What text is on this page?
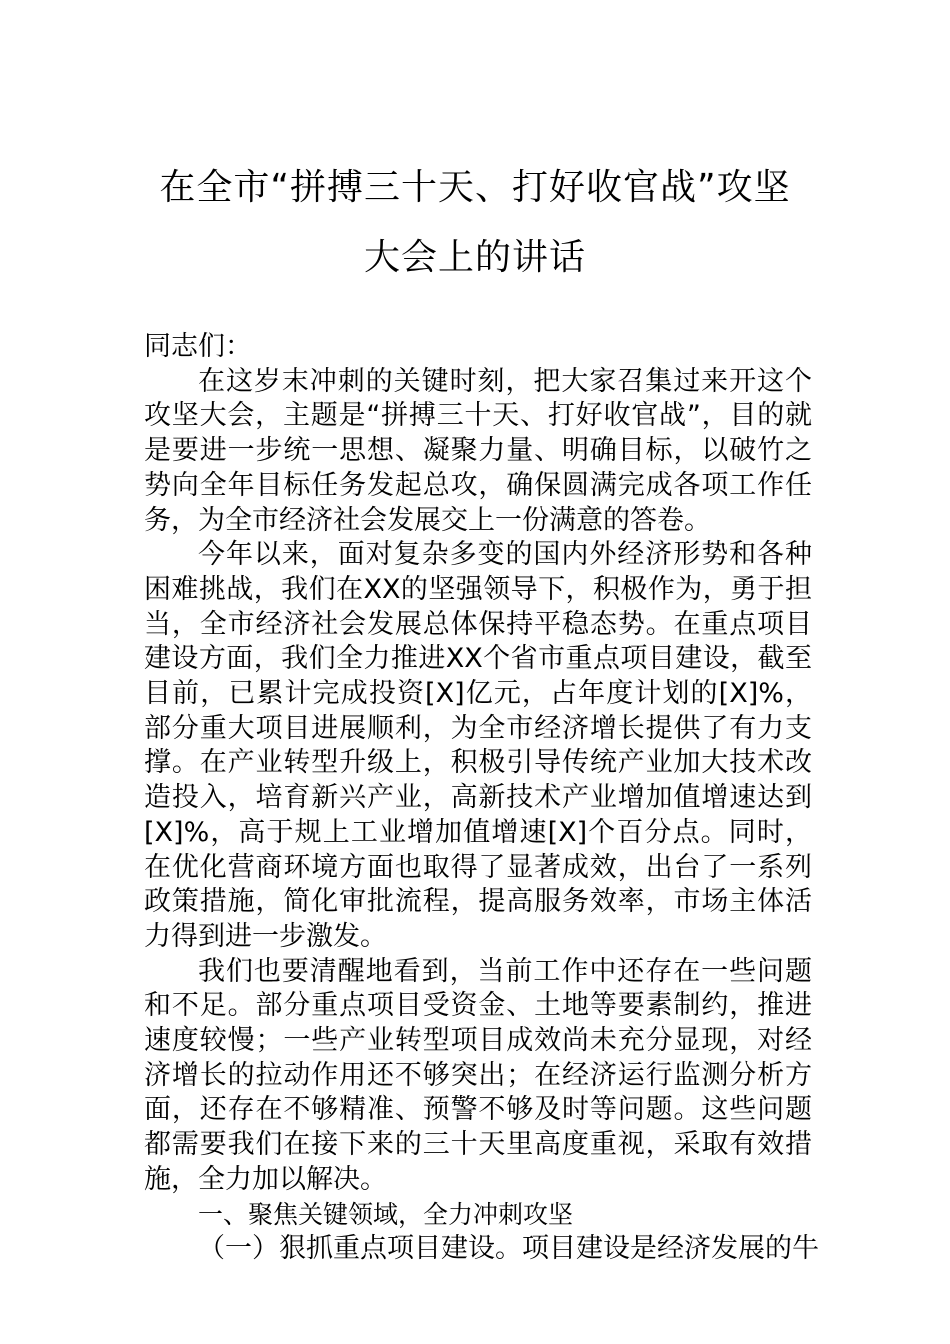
在全市“拼搏三十天、打好收官战”攻坚
大会上的讲话

同志们：

在这岁末冲刺的关键时刻，把大家召集过来开这个攻坚大会，主题是“拼搏三十天、打好收官战”，目的就是要进一步统一思想、凝聚力量、明确目标，以破竹之势向全年目标任务发起总攻，确保圆满完成各项工作任务，为全市经济社会发展交上一份满意的答卷。

今年以来，面对复杂多变的国内外经济形势和各种困难挑战，我们在XX的坚强领导下，积极作为，勇于担当，全市经济社会发展总体保持平稳态势。在重点项目建设方面，我们全力推进XX个省市重点项目建设，截至目前，已累计完成投资[X]亿元，占年度计划的[X]%，部分重大项目进展顺利，为全市经济增长提供了有力支撑。在产业转型升级上，积极引导传统产业加大技术改造投入，培育新兴产业，高新技术产业增加值增速达到[X]%，高于规上工业增加值增速[X]个百分点。同时，在优化营商环境方面也取得了显著成效，出台了一系列政策措施，简化审批流程，提高服务效率，市场主体活力得到进一步激发。

我们也要清醒地看到，当前工作中还存在一些问题和不足。部分重点项目受资金、土地等要素制约，推进速度较慢；一些产业转型项目成效尚未充分显现，对经济增长的拉动作用还不够突出；在经济运行监测分析方面，还存在不够精准、预警不够及时等问题。这些问题都需要我们在接下来的三十天里高度重视，采取有效措施，全力加以解决。

一、聚焦关键领域，全力冲刺攻坚

（一）狠抓重点项目建设。项目建设是经济发展的牛
